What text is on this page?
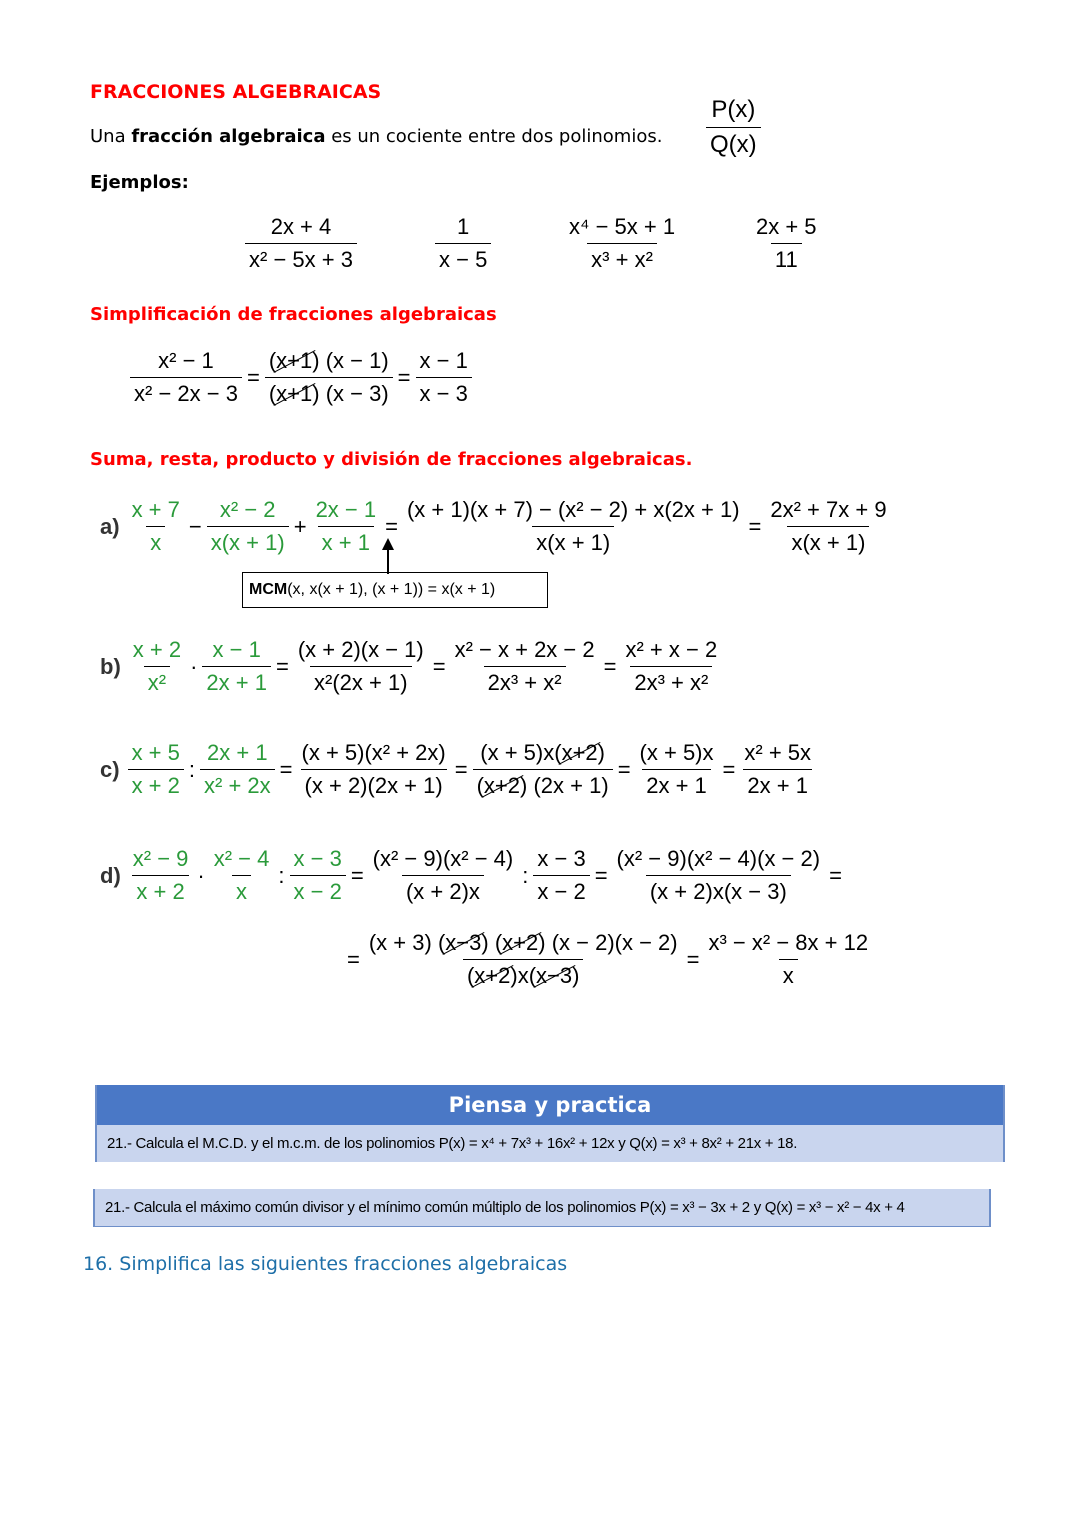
FRACCIONES ALGEBRAICAS
Una fracción algebraica es un cociente entre dos polinomios. $\frac{P(x)}{Q(x)}$
Ejemplos:
$\frac{2x + 4}{\text{x² − 5x + 3}}$	$\frac{1}{x - 5}$	$\frac{\text{x⁴ − 5x + 1}}{\text{x³ + x²}}$	$\frac{2x + 5}{11}$
Simplificación de fracciones algebraicas
$\frac{\text{x² − 1}}{\text{x² − 2x − 3}} = \frac{(x+1) (x - 1)}{(x+1) (x - 3)} = \frac{x - 1}{x - 3}$
Suma, resta, producto y división de fracciones algebraicas.
$a) \frac{x + 7}{x} - \frac{\text{x² − 2}}{x(x + 1)} + \frac{2x - 1}{x + 1} = \frac{\text{(x + 1)(x + 7) − (x² − 2) + x(2x + 1)}}{x(x + 1)} = \frac{\text{2x² + 7x + 9}}{x(x + 1)}$
MCM (x, x(x + 1), (x + 1)) = x(x + 1)
$b) \frac{x + 2}{\text{x²}} \cdot \frac{x - 1}{2x + 1} = \frac{(x + 2)(x - 1)}{\text{x²(2x + 1)}} = \frac{\text{x² − x + 2x − 2}}{\text{2x³ + x²}} = \frac{\text{x² + x − 2}}{\text{2x³ + x²}}$
$c) \frac{x + 5}{x + 2}$ : $\frac{2x + 1}{\text{x² + 2x}} = \frac{\text{(x + 5)(x² + 2x)}}{(x + 2)(2x + 1)} = \frac{(x + 5)x(x+2)}{(x+2) (2x + 1)} = \frac{(x + 5)x}{2x + 1} = \frac{\text{x² + 5x}}{2x + 1}$
$d) \frac{\text{x² − 9}}{x + 2} \cdot \frac{\text{x² − 4}}{x}$ : $\frac{x - 3}{x - 2} = \frac{\text{(x² − 9)(x² − 4)}}{(x + 2)x}$ : $\frac{x - 3}{x - 2} = \frac{\text{(x² − 9)(x² − 4)(x − 2)}}{(x + 2)x(x - 3)}$ =
= $\frac{(x + 3) (x-3) (x+2) (x - 2)(x - 2)}{(x+2)x(x-3)} = \frac{\text{x³ − x² − 8x + 12}}{x}$
Piensa y practica
21.- Calcula el M.C.D. y el m.c.m. de los polinomios P(x) = x⁴ + 7x³ + 16x² + 12x y Q(x) = x³ + 8x² + 21x + 18.
21.- Calcula el máximo común divisor y el mínimo común múltiplo de los polinomios P(x) = x³ − 3x + 2 y Q(x) = x³ − x² − 4x + 4
16. Simplifica las siguientes fracciones algebraicas
